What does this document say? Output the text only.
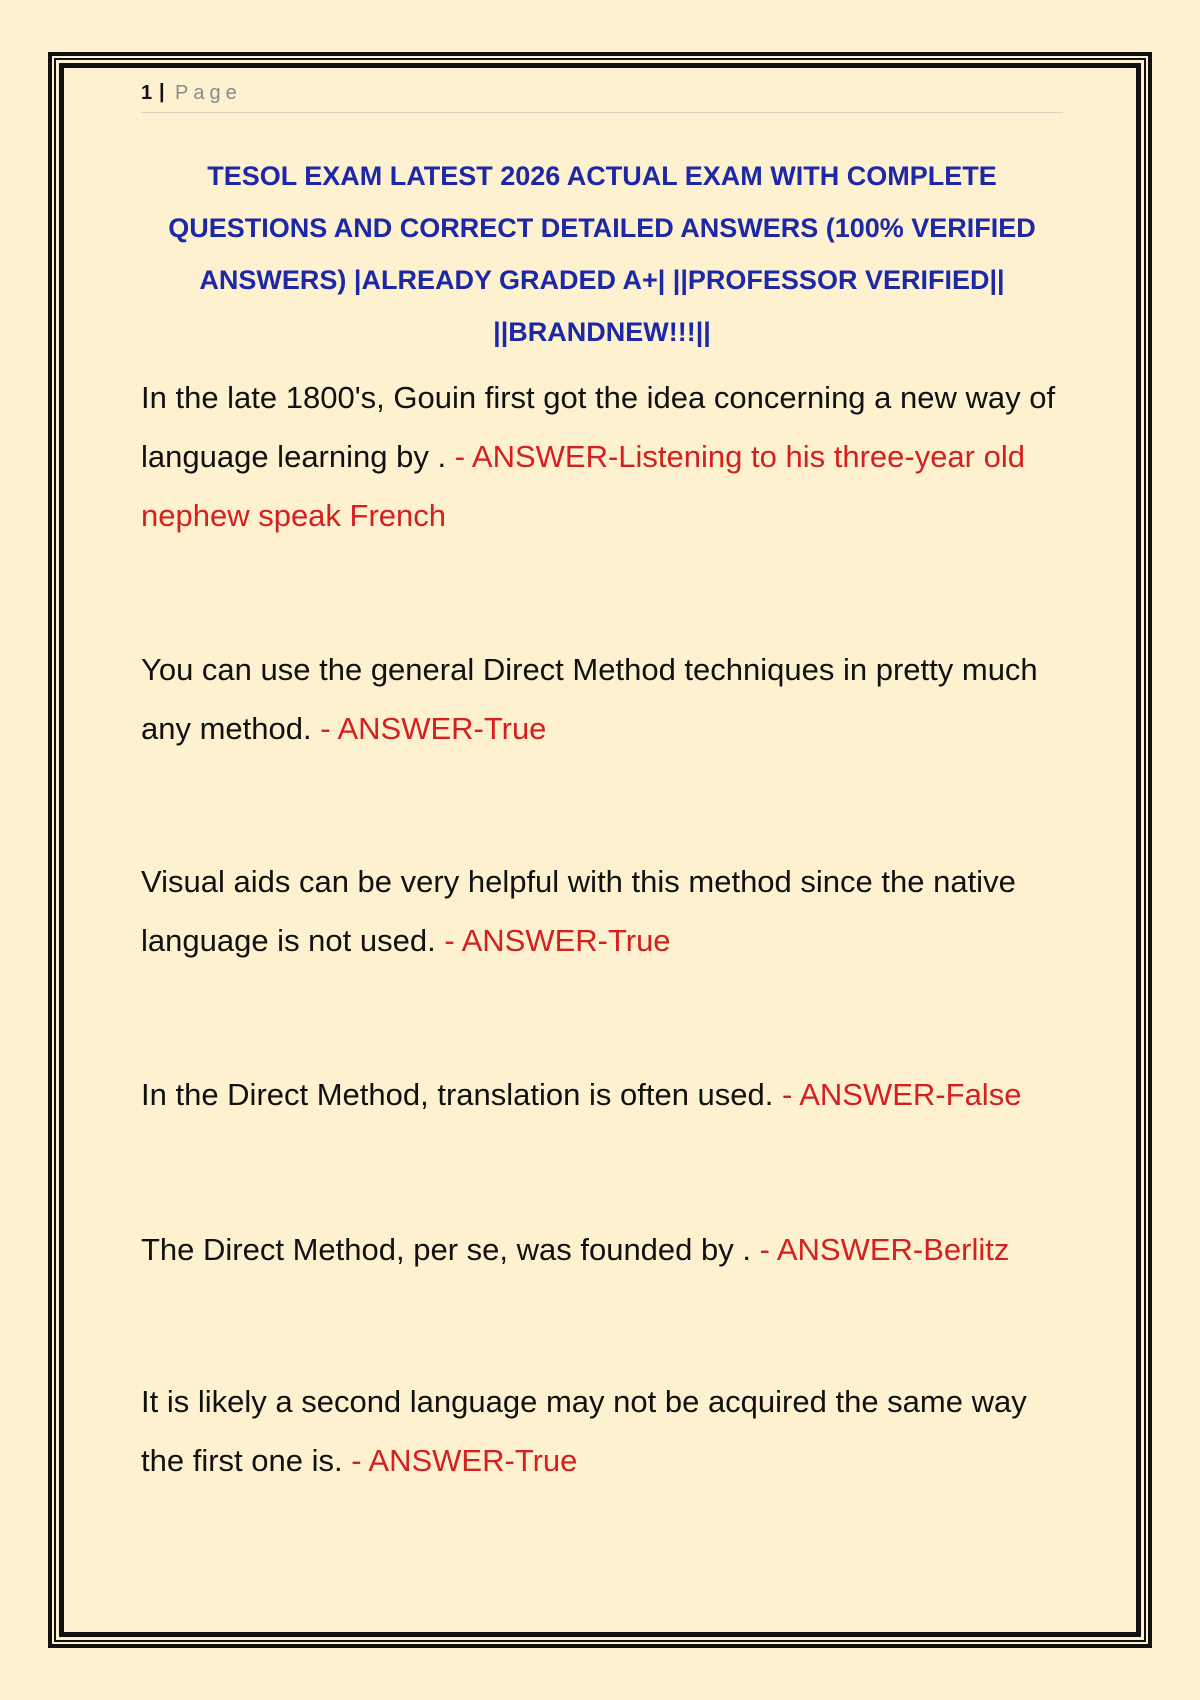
1 | Page
TESOL EXAM LATEST 2026 ACTUAL EXAM WITH COMPLETE QUESTIONS AND CORRECT DETAILED ANSWERS (100% VERIFIED ANSWERS) |ALREADY GRADED A+| ||PROFESSOR VERIFIED|| ||BRANDNEW!!!||
In the late 1800's, Gouin first got the idea concerning a new way of language learning by . - ANSWER-Listening to his three-year old nephew speak French
You can use the general Direct Method techniques in pretty much any method. - ANSWER-True
Visual aids can be very helpful with this method since the native language is not used. - ANSWER-True
In the Direct Method, translation is often used. - ANSWER-False
The Direct Method, per se, was founded by . - ANSWER-Berlitz
It is likely a second language may not be acquired the same way the first one is. - ANSWER-True
